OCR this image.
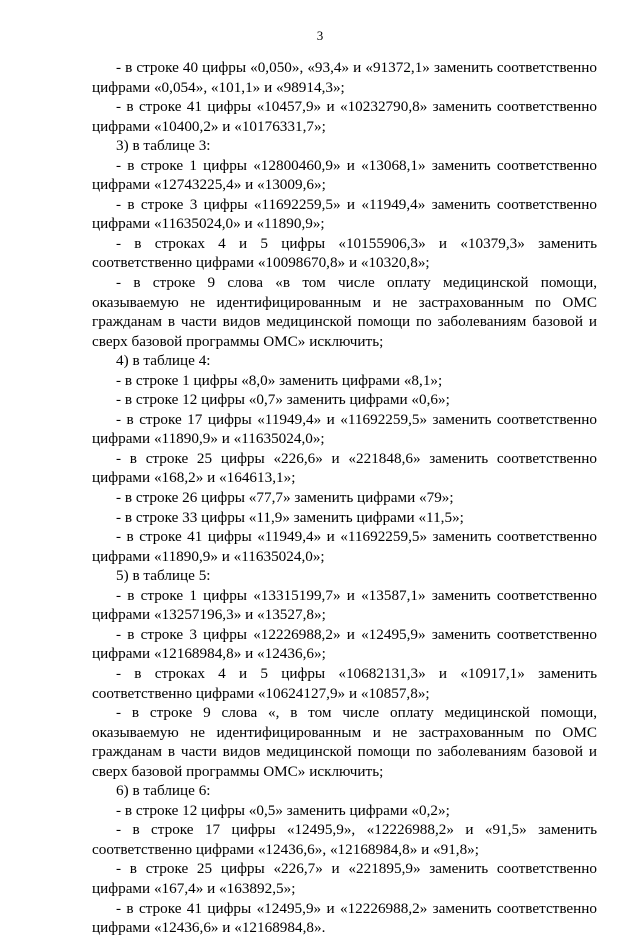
3

- в строке 40 цифры «0,050», «93,4» и «91372,1» заменить соответственно цифрами «0,054», «101,1» и «98914,3»;

- в строке 41 цифры «10457,9» и «10232790,8» заменить соответственно цифрами «10400,2» и «10176331,7»;

3) в таблице 3:

- в строке 1 цифры «12800460,9» и «13068,1» заменить соответственно цифрами «12743225,4» и «13009,6»;

- в строке 3 цифры «11692259,5» и «11949,4» заменить соответственно цифрами «11635024,0» и «11890,9»;

- в строках 4 и 5 цифры «10155906,3» и «10379,3» заменить соответственно цифрами «10098670,8» и «10320,8»;

- в строке 9 слова «в том числе оплату медицинской помощи, оказываемую не идентифицированным и не застрахованным по ОМС гражданам в части видов медицинской помощи по заболеваниям базовой и сверх базовой программы ОМС» исключить;

4) в таблице 4:

- в строке 1 цифры «8,0» заменить цифрами «8,1»;

- в строке 12 цифры «0,7» заменить цифрами «0,6»;

- в строке 17 цифры «11949,4» и «11692259,5» заменить соответственно цифрами «11890,9» и «11635024,0»;

- в строке 25 цифры «226,6» и «221848,6» заменить соответственно цифрами «168,2» и «164613,1»;

- в строке 26 цифры «77,7» заменить цифрами «79»;

- в строке 33 цифры «11,9» заменить цифрами «11,5»;

- в строке 41 цифры «11949,4» и «11692259,5» заменить соответственно цифрами «11890,9» и «11635024,0»;

5) в таблице 5:

- в строке 1 цифры «13315199,7» и «13587,1» заменить соответственно цифрами «13257196,3» и «13527,8»;

- в строке 3 цифры «12226988,2» и «12495,9» заменить соответственно цифрами «12168984,8» и «12436,6»;

- в строках 4 и 5 цифры «10682131,3» и «10917,1» заменить соответственно цифрами «10624127,9» и «10857,8»;

- в строке 9 слова «, в том числе оплату медицинской помощи, оказываемую не идентифицированным и не застрахованным по ОМС гражданам в части видов медицинской помощи по заболеваниям базовой и сверх базовой программы ОМС» исключить;

6) в таблице 6:

- в строке 12 цифры «0,5» заменить цифрами «0,2»;

- в строке 17 цифры «12495,9», «12226988,2» и «91,5» заменить соответственно цифрами «12436,6», «12168984,8» и «91,8»;

- в строке 25 цифры «226,7» и «221895,9» заменить соответственно цифрами «167,4» и «163892,5»;

- в строке 41 цифры «12495,9» и «12226988,2» заменить соответственно цифрами «12436,6» и «12168984,8».
